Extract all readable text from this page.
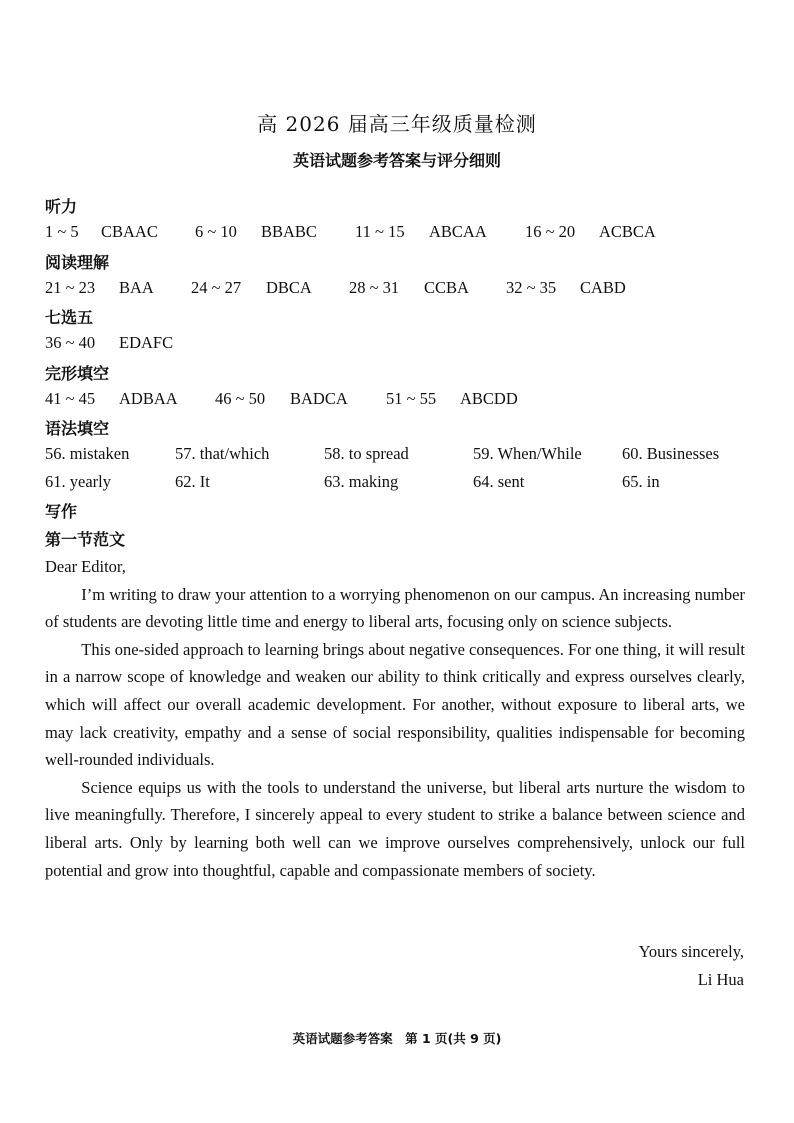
高 2026 届高三年级质量检测
英语试题参考答案与评分细则
听力
1 ~ 5 CBAAC 6 ~ 10 BBABC 11 ~ 15 ABCAA 16 ~ 20 ACBCA
阅读理解
21 ~ 23 BAA 24 ~ 27 DBCA 28 ~ 31 CCBA 32 ~ 35 CABD
七选五
36 ~ 40 EDAFC
完形填空
41 ~ 45 ADBAA 46 ~ 50 BADCA 51 ~ 55 ABCDD
语法填空
56. mistaken	57. that/which	58. to spread	59. When/While 60. Businesses
61. yearly	62. It	63. making	64. sent	65. in
写作
第一节范文

Dear Editor,

I’m writing to draw your attention to a worrying phenomenon on our campus. An increasing number of students are devoting little time and energy to liberal arts, focusing only on science subjects.

This one-sided approach to learning brings about negative consequences. For one thing, it will result in a narrow scope of knowledge and weaken our ability to think critically and express ourselves clearly, which will affect our overall academic development. For another, without exposure to liberal arts, we may lack creativity, empathy and a sense of social responsibility, qualities indispensable for becoming well-rounded individuals.

Science equips us with the tools to understand the universe, but liberal arts nurture the wisdom to live meaningfully. Therefore, I sincerely appeal to every student to strike a balance between science and liberal arts. Only by learning both well can we improve ourselves comprehensively, unlock our full potential and grow into thoughtful, capable and compassionate members of society.

Yours sincerely,
Li Hua
英语试题参考答案　第 1 页(共 9 页)
